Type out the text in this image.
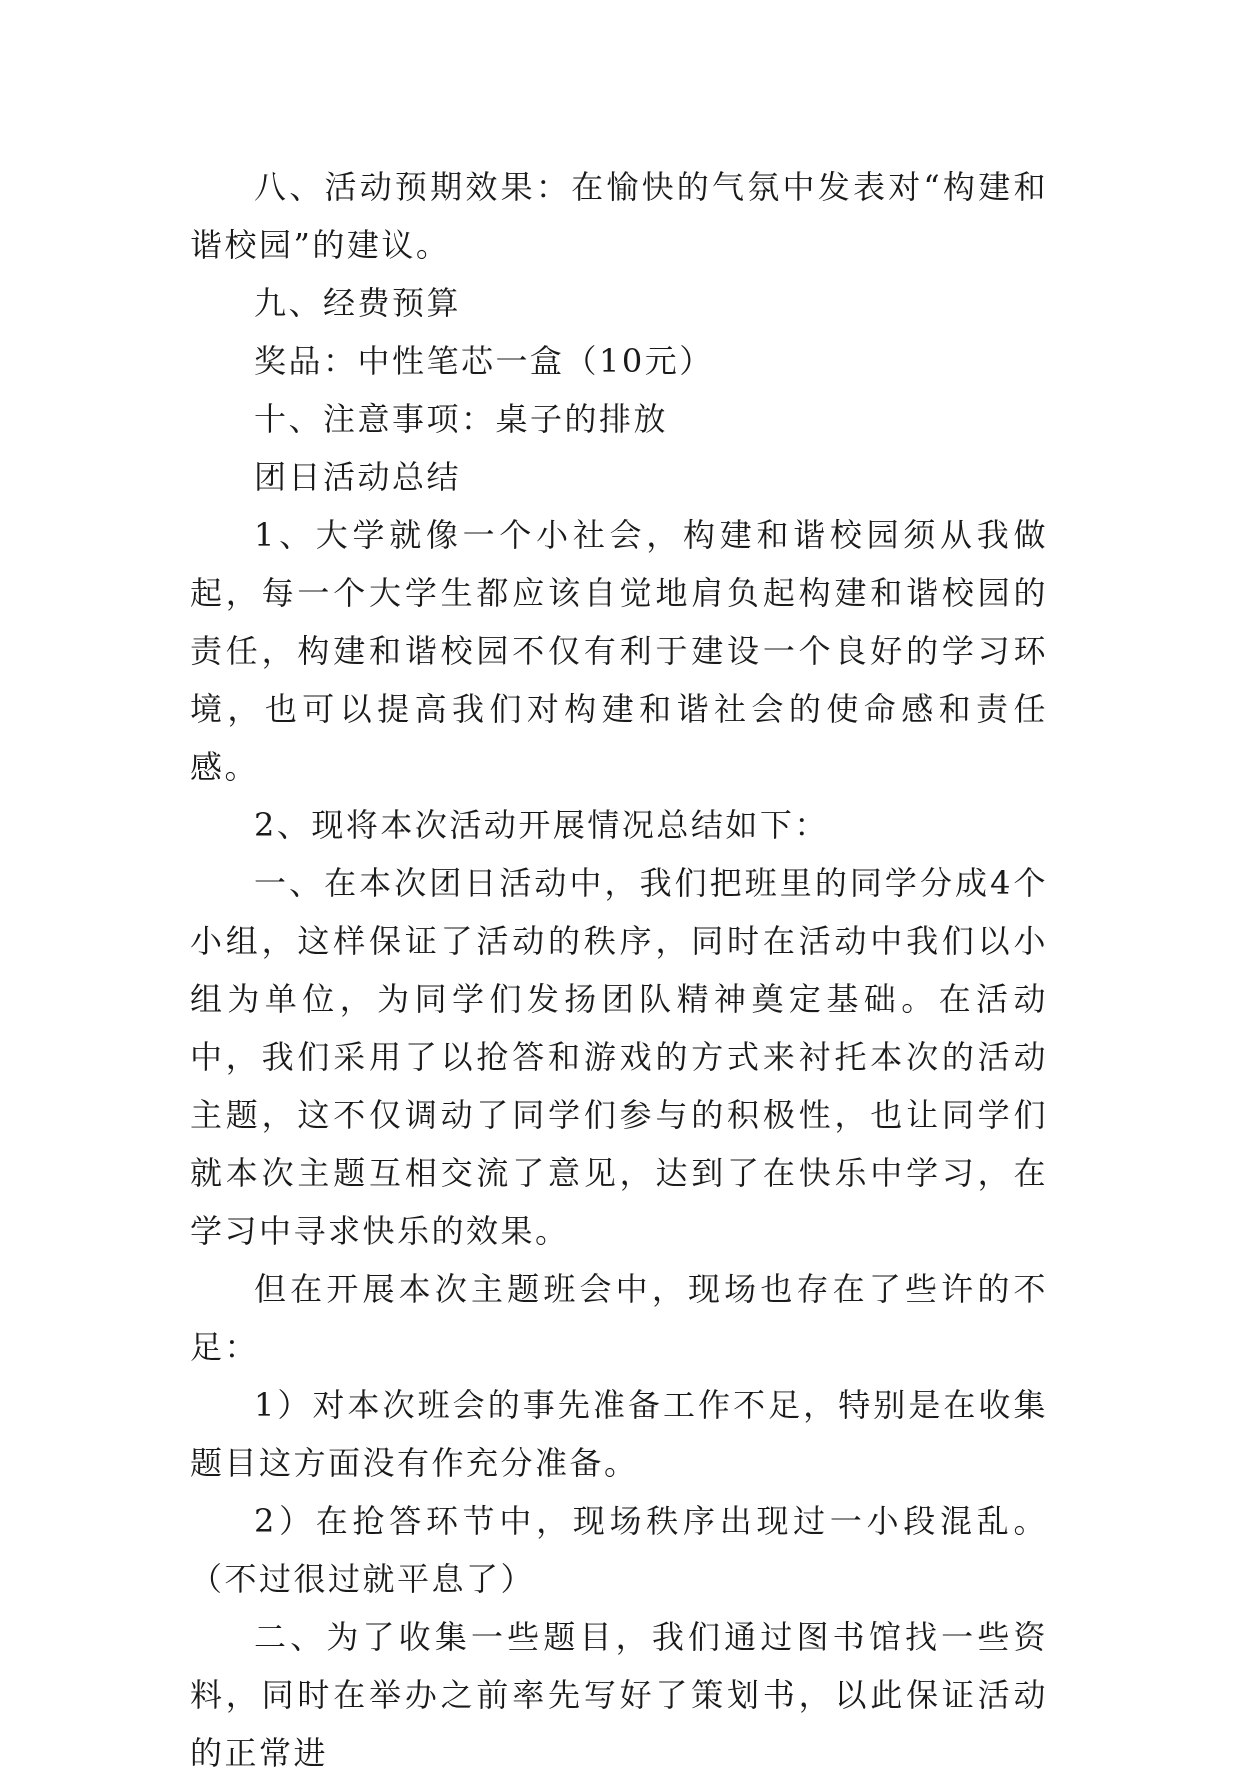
八、活动预期效果：在愉快的气氛中发表对“构建和谐校园”的建议。

九、经费预算

奖品：中性笔芯一盒（10元）

十、注意事项：桌子的排放

团日活动总结

1、大学就像一个小社会，构建和谐校园须从我做起，每一个大学生都应该自觉地肩负起构建和谐校园的责任，构建和谐校园不仅有利于建设一个良好的学习环境，也可以提高我们对构建和谐社会的使命感和责任感。

2、现将本次活动开展情况总结如下：

一、在本次团日活动中，我们把班里的同学分成4个小组，这样保证了活动的秩序，同时在活动中我们以小组为单位，为同学们发扬团队精神奠定基础。在活动中，我们采用了以抢答和游戏的方式来衬托本次的活动主题，这不仅调动了同学们参与的积极性，也让同学们就本次主题互相交流了意见，达到了在快乐中学习，在学习中寻求快乐的效果。

但在开展本次主题班会中，现场也存在了些许的不足：

1）对本次班会的事先准备工作不足，特别是在收集题目这方面没有作充分准备。

2）在抢答环节中，现场秩序出现过一小段混乱。（不过很过就平息了）

二、为了收集一些题目，我们通过图书馆找一些资料，同时在举办之前率先写好了策划书，以此保证活动的正常进
